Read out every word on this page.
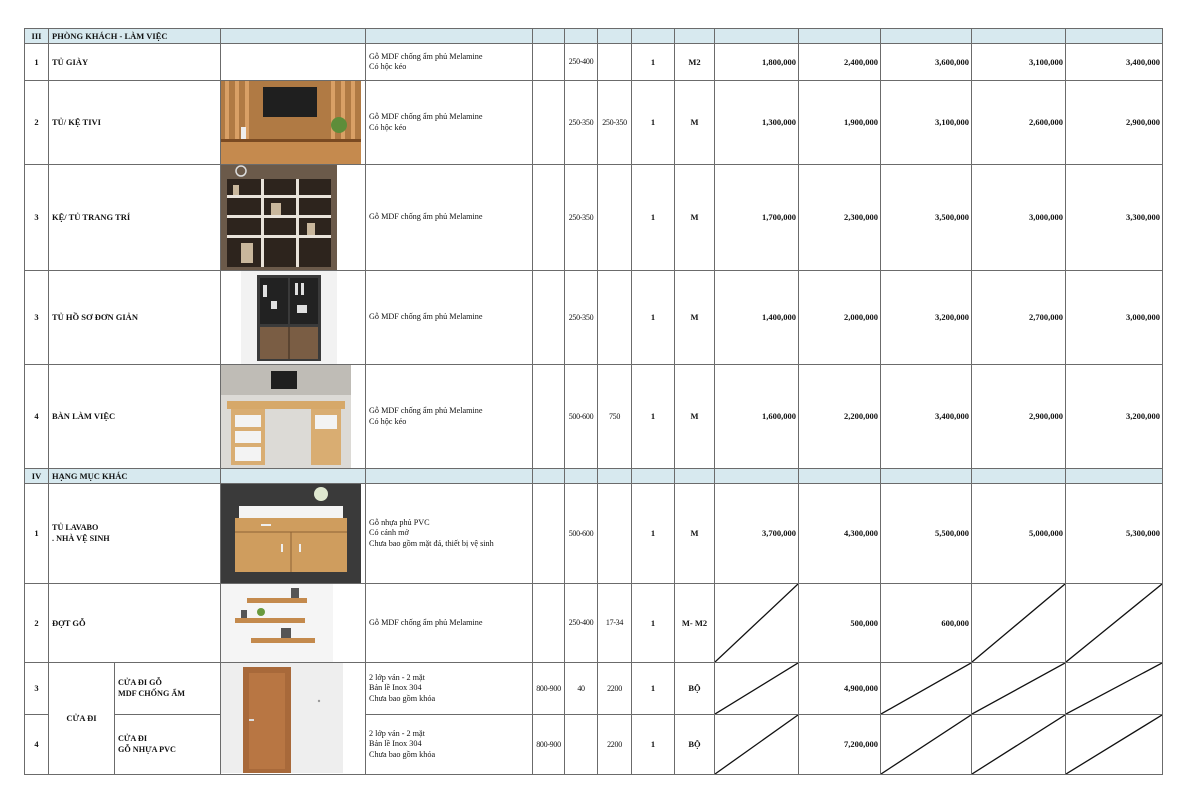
III	PHÒNG KHÁCH - LÀM VIỆC													
1	TỦ GIÀY			Gỗ MDF chống ẩm phủ Melamine
Có hộc kéo		250-400		1	M2	1,800,000	2,400,000	3,600,000	3,100,000	3,400,000
2	TỦ/ KỆ TIVI			Gỗ MDF chống ẩm phủ Melamine
Có hộc kéo		250-350	250-350	1	M	1,300,000	1,900,000	3,100,000	2,600,000	2,900,000
3	KỆ/ TỦ TRANG TRÍ			Gỗ MDF chống ẩm phủ Melamine		250-350		1	M	1,700,000	2,300,000	3,500,000	3,000,000	3,300,000
3	TỦ HỒ SƠ ĐƠN GIẢN			Gỗ MDF chống ẩm phủ Melamine		250-350		1	M	1,400,000	2,000,000	3,200,000	2,700,000	3,000,000
4	BÀN LÀM VIỆC			Gỗ MDF chống ẩm phủ Melamine
Có hộc kéo		500-600	750	1	M	1,600,000	2,200,000	3,400,000	2,900,000	3,200,000
IV	HẠNG MỤC KHÁC													
1	TỦ LAVABO
. NHÀ VỆ SINH			Gỗ nhựa phủ PVC
Có cánh mở
Chưa bao gồm mặt đá, thiết bị vệ sinh		500-600		1	M	3,700,000	4,300,000	5,500,000	5,000,000	5,300,000
2	ĐỢT GỖ			Gỗ MDF chống ẩm phủ Melamine		250-400	17-34	1	M- M2		500,000	600,000	

3	CỬA ĐI	CỬA ĐI GỖ
MDF CHỐNG ẨM		2 lớp ván - 2 mặt
Bản lề Inox 304
Chưa bao gồm khóa	800-900	40	2200	1	BỘ		4,900,000	

4		CỬA ĐI
GỖ NHỰA PVC		2 lớp ván - 2 mặt
Bản lề Inox 304
Chưa bao gồm khóa	800-900		2200	1	BỘ		7,200,000	
